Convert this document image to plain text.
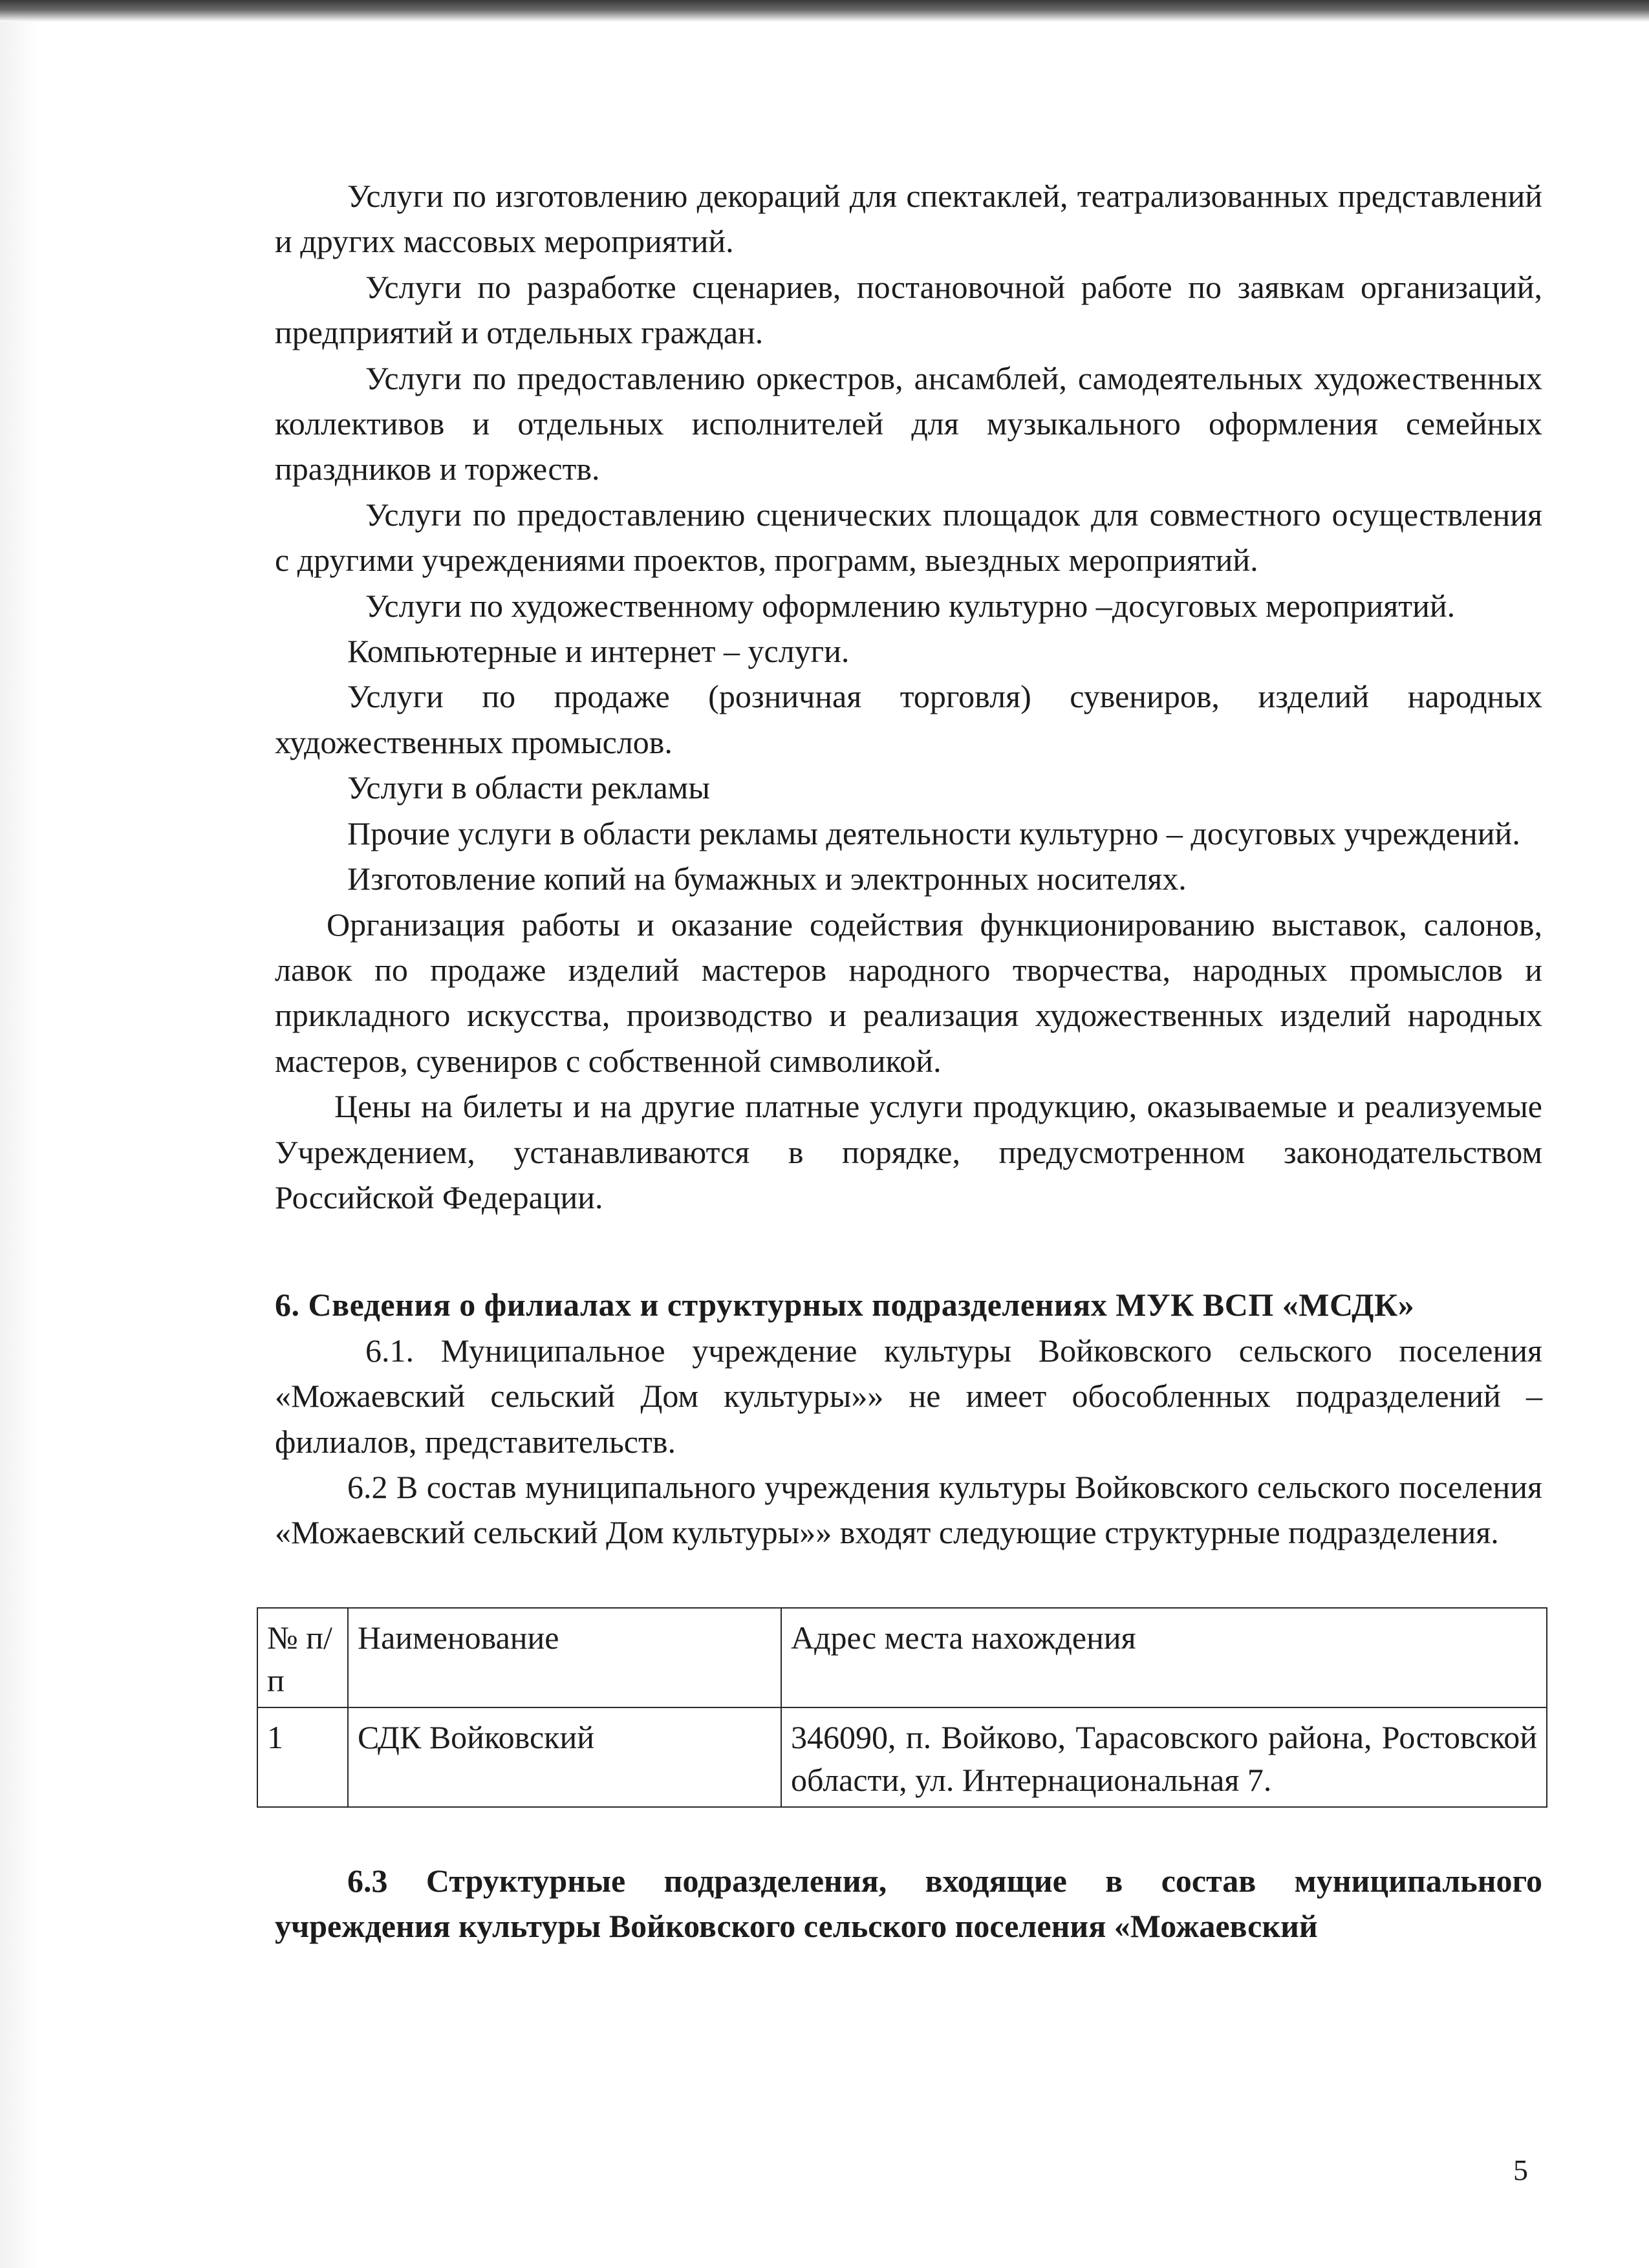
Услуги по изготовлению декораций для спектаклей, театрализованных представлений и других массовых мероприятий.

Услуги по разработке сценариев, постановочной работе по заявкам организаций, предприятий и отдельных граждан.

Услуги по предоставлению оркестров, ансамблей, самодеятельных художественных коллективов и отдельных исполнителей для музыкального оформления семейных праздников и торжеств.

Услуги по предоставлению сценических площадок для совместного осуществления с другими учреждениями проектов, программ, выездных мероприятий.

Услуги по художественному оформлению культурно –досуговых мероприятий.

Компьютерные и интернет – услуги.

Услуги по продаже (розничная торговля) сувениров, изделий народных художественных промыслов.

Услуги в области рекламы

Прочие услуги в области рекламы деятельности культурно – досуговых учреждений.

Изготовление копий на бумажных и электронных носителях.

Организация работы и оказание содействия функционированию выставок, салонов, лавок по продаже изделий мастеров народного творчества, народных промыслов и прикладного искусства, производство и реализация художественных изделий народных мастеров, сувениров с собственной символикой.

Цены на билеты и на другие платные услуги продукцию, оказываемые и реализуемые Учреждением, устанавливаются в порядке, предусмотренном законодательством Российской Федерации.

6. Сведения о филиалах и структурных подразделениях МУК ВСП «МСДК»

6.1. Муниципальное учреждение культуры Войковского сельского поселения «Можаевский сельский Дом культуры»» не имеет обособленных подразделений – филиалов, представительств.

6.2 В состав муниципального учреждения культуры Войковского сельского поселения «Можаевский сельский Дом культуры»» входят следующие структурные подразделения.

№ п/п	Наименование	Адрес места нахождения
1	СДК Войковский	346090, п. Войково, Тарасовского района, Ростовской области, ул. Интернациональная 7.

6.3 Структурные подразделения, входящие в состав муниципального учреждения культуры Войковского сельского поселения «Можаевский

5
